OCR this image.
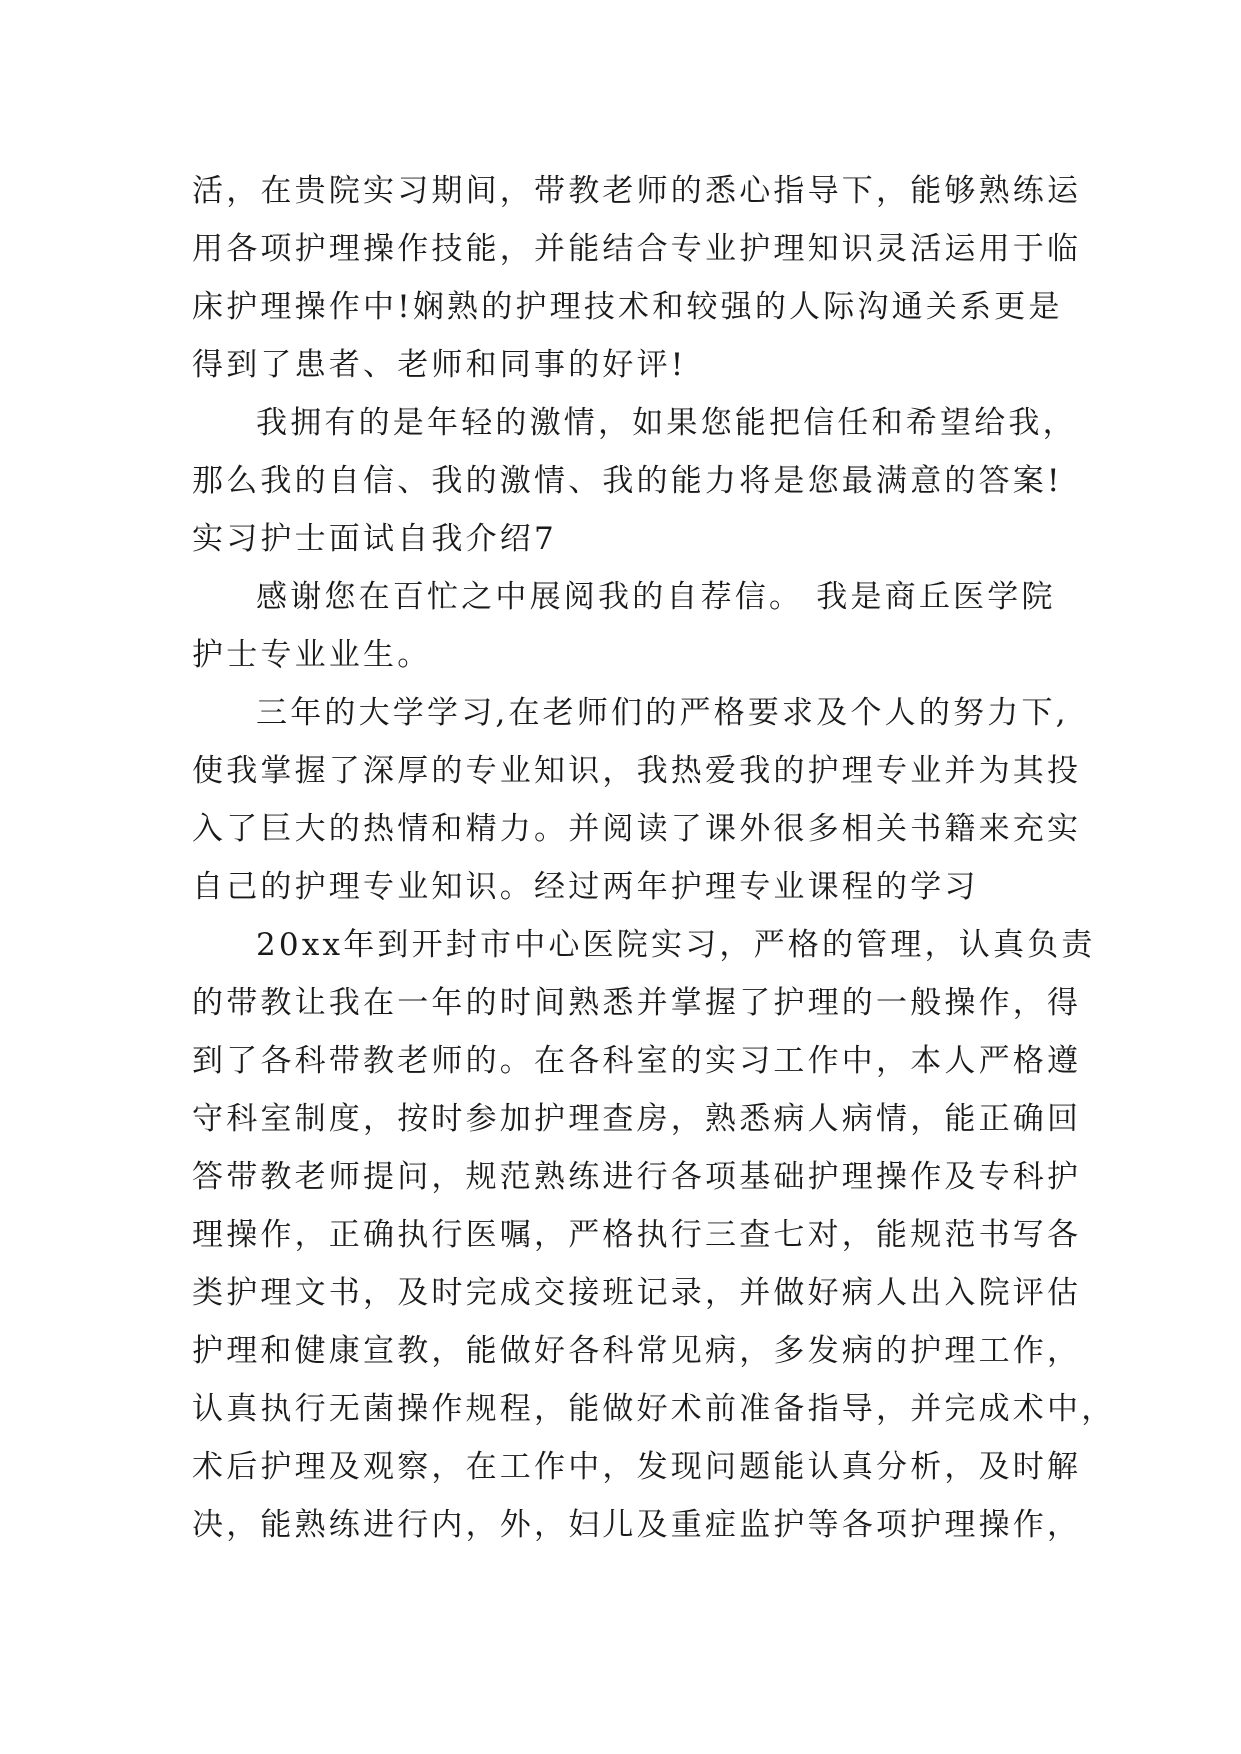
活，在贵院实习期间，带教老师的悉心指导下，能够熟练运
用各项护理操作技能，并能结合专业护理知识灵活运用于临
床护理操作中!娴熟的护理技术和较强的人际沟通关系更是
得到了患者、老师和同事的好评!
我拥有的是年轻的激情，如果您能把信任和希望给我，
那么我的自信、我的激情、我的能力将是您最满意的答案!
实习护士面试自我介绍7
感谢您在百忙之中展阅我的自荐信。 我是商丘医学院
护士专业业生。
三年的大学学习,在老师们的严格要求及个人的努力下,
使我掌握了深厚的专业知识，我热爱我的护理专业并为其投
入了巨大的热情和精力。并阅读了课外很多相关书籍来充实
自己的护理专业知识。经过两年护理专业课程的学习
20xx年到开封市中心医院实习，严格的管理，认真负责
的带教让我在一年的时间熟悉并掌握了护理的一般操作，得
到了各科带教老师的。在各科室的实习工作中，本人严格遵
守科室制度，按时参加护理查房，熟悉病人病情，能正确回
答带教老师提问，规范熟练进行各项基础护理操作及专科护
理操作，正确执行医嘱，严格执行三查七对，能规范书写各
类护理文书，及时完成交接班记录，并做好病人出入院评估
护理和健康宣教，能做好各科常见病，多发病的护理工作，
认真执行无菌操作规程，能做好术前准备指导，并完成术中，
术后护理及观察，在工作中，发现问题能认真分析，及时解
决，能熟练进行内，外，妇儿及重症监护等各项护理操作，
